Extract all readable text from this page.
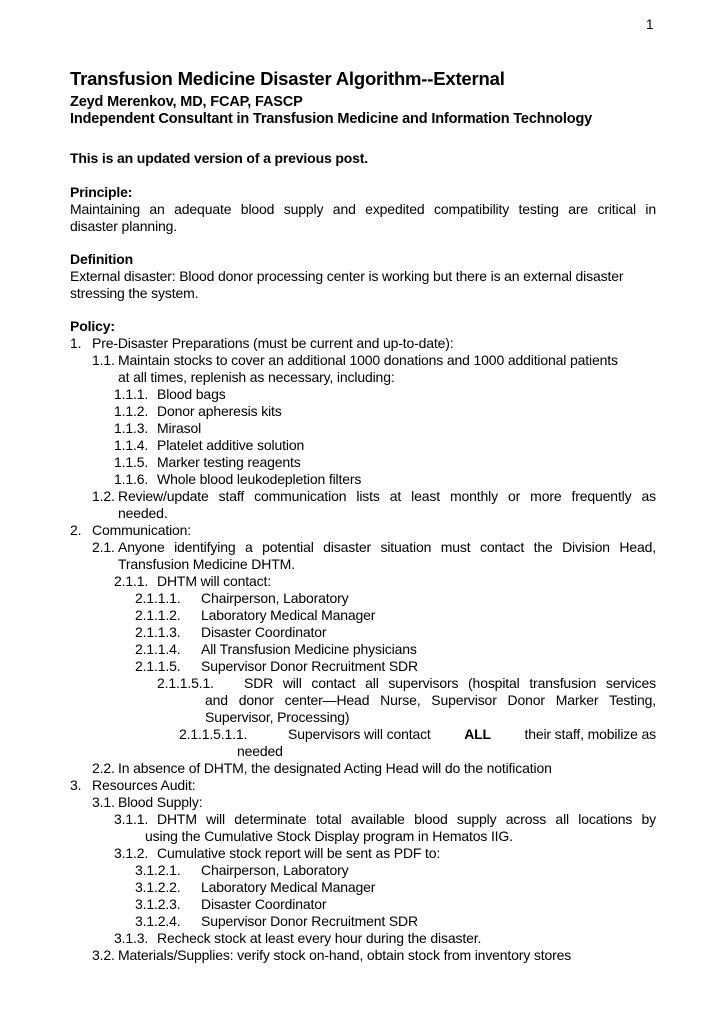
1
Transfusion Medicine Disaster Algorithm--External
Zeyd Merenkov, MD, FCAP, FASCP
Independent Consultant in Transfusion Medicine and Information Technology
This is an updated version of a previous post.
Principle:
Maintaining an adequate blood supply and expedited compatibility testing are critical in
disaster planning.
Definition
External disaster: Blood donor processing center is working but there is an external disaster
stressing the system.
Policy:
1. Pre-Disaster Preparations (must be current and up-to-date):
1.1. Maintain stocks to cover an additional 1000 donations and 1000 additional patients
at all times, replenish as necessary, including:
1.1.1. Blood bags
1.1.2. Donor apheresis kits
1.1.3. Mirasol
1.1.4. Platelet additive solution
1.1.5. Marker testing reagents
1.1.6. Whole blood leukodepletion filters
1.2. Review/update staff communication lists at least monthly or more frequently as
needed.
2. Communication:
2.1. Anyone identifying a potential disaster situation must contact the Division Head,
Transfusion Medicine DHTM.
2.1.1. DHTM will contact:
2.1.1.1. Chairperson, Laboratory
2.1.1.2. Laboratory Medical Manager
2.1.1.3. Disaster Coordinator
2.1.1.4. All Transfusion Medicine physicians
2.1.1.5. Supervisor Donor Recruitment SDR
2.1.1.5.1. SDR will contact all supervisors (hospital transfusion services
and donor center—Head Nurse, Supervisor Donor Marker Testing,
Supervisor, Processing)
2.1.1.5.1.1.	Supervisors will contact ALL their staff, mobilize as
needed
2.2. In absence of DHTM, the designated Acting Head will do the notification
3. Resources Audit:
3.1. Blood Supply:
3.1.1. DHTM will determinate total available blood supply across all locations by
using the Cumulative Stock Display program in Hematos IIG.
3.1.2. Cumulative stock report will be sent as PDF to:
3.1.2.1. Chairperson, Laboratory
3.1.2.2. Laboratory Medical Manager
3.1.2.3. Disaster Coordinator
3.1.2.4. Supervisor Donor Recruitment SDR
3.1.3. Recheck stock at least every hour during the disaster.
3.2. Materials/Supplies: verify stock on-hand, obtain stock from inventory stores
